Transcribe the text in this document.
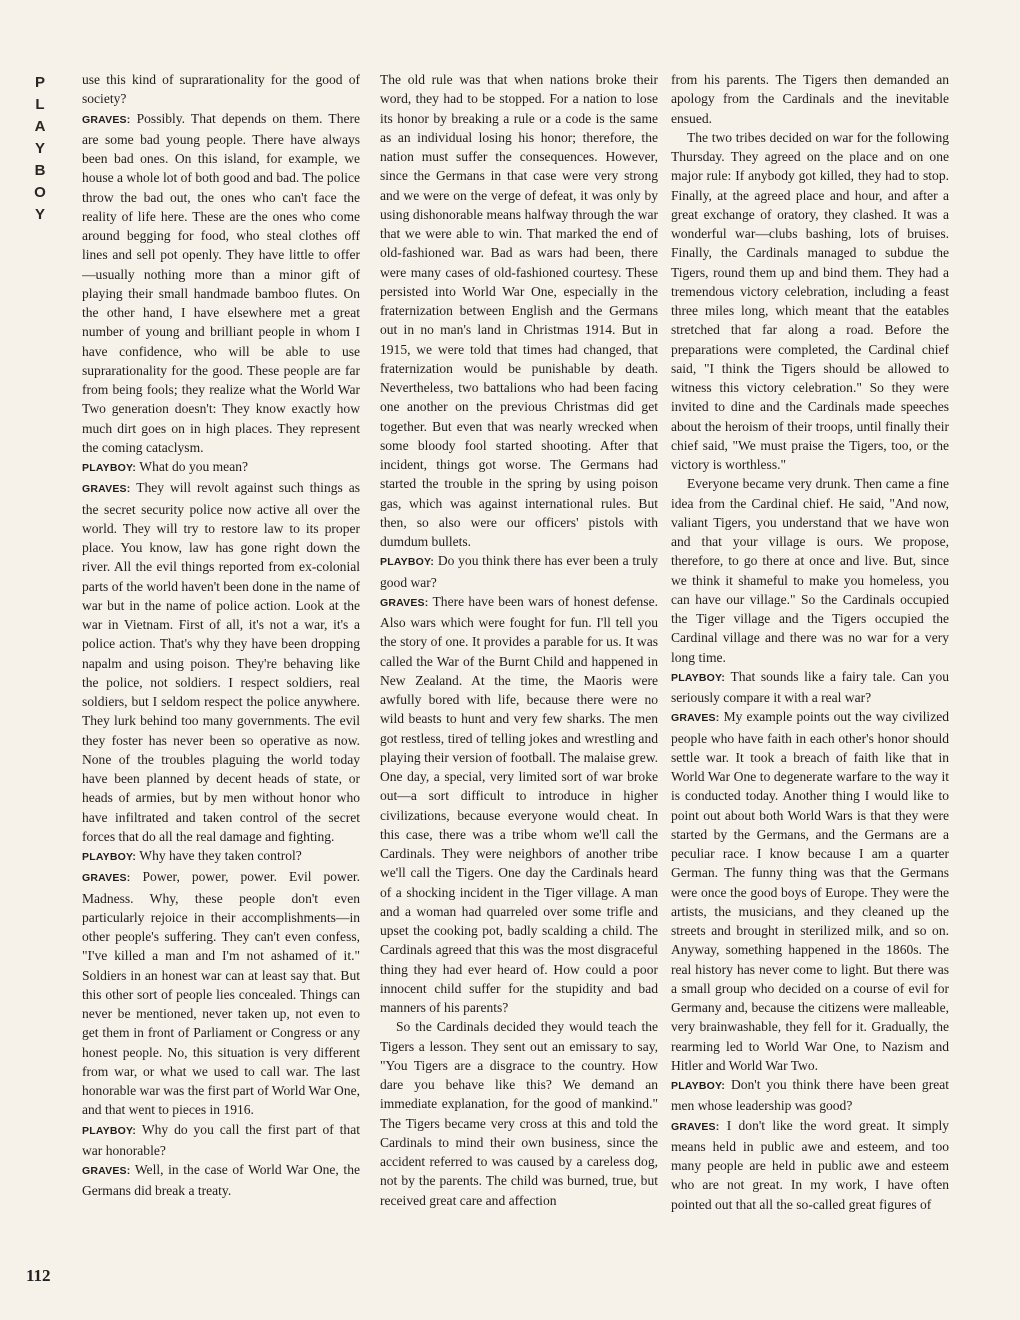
P
L
A
Y
B
O
Y

use this kind of suprarationality for the good of society?

GRAVES: Possibly. That depends on them. There are some bad young people. There have always been bad ones. On this island, for example, we house a whole lot of both good and bad. The police throw the bad out, the ones who can't face the reality of life here. These are the ones who come around begging for food, who steal clothes off lines and sell pot openly. They have little to offer —usually nothing more than a minor gift of playing their small handmade bamboo flutes. On the other hand, I have elsewhere met a great number of young and brilliant people in whom I have confidence, who will be able to use suprarationality for the good. These people are far from being fools; they realize what the World War Two generation doesn't: They know exactly how much dirt goes on in high places. They represent the coming cataclysm.

PLAYBOY: What do you mean?

GRAVES: They will revolt against such things as the secret security police now active all over the world. They will try to restore law to its proper place. You know, law has gone right down the river. All the evil things reported from ex-colonial parts of the world haven't been done in the name of war but in the name of police action. Look at the war in Vietnam. First of all, it's not a war, it's a police action. That's why they have been dropping napalm and using poison. They're behaving like the police, not soldiers. I respect soldiers, real soldiers, but I seldom respect the police anywhere. They lurk behind too many governments. The evil they foster has never been so operative as now. None of the troubles plaguing the world today have been planned by decent heads of state, or heads of armies, but by men without honor who have infiltrated and taken control of the secret forces that do all the real damage and fighting.

PLAYBOY: Why have they taken control?

GRAVES: Power, power, power. Evil power. Madness. Why, these people don't even particularly rejoice in their accomplishments—in other people's suffering. They can't even confess, "I've killed a man and I'm not ashamed of it." Soldiers in an honest war can at least say that. But this other sort of people lies concealed. Things can never be mentioned, never taken up, not even to get them in front of Parliament or Congress or any honest people. No, this situation is very different from war, or what we used to call war. The last honorable war was the first part of World War One, and that went to pieces in 1916.

PLAYBOY: Why do you call the first part of that war honorable?

GRAVES: Well, in the case of World War One, the Germans did break a treaty.

The old rule was that when nations broke their word, they had to be stopped. For a nation to lose its honor by breaking a rule or a code is the same as an individual losing his honor; therefore, the nation must suffer the consequences. However, since the Germans in that case were very strong and we were on the verge of defeat, it was only by using dishonorable means halfway through the war that we were able to win. That marked the end of old-fashioned war. Bad as wars had been, there were many cases of old-fashioned courtesy. These persisted into World War One, especially in the fraternization between English and the Germans out in no man's land in Christmas 1914. But in 1915, we were told that times had changed, that fraternization would be punishable by death. Nevertheless, two battalions who had been facing one another on the previous Christmas did get together. But even that was nearly wrecked when some bloody fool started shooting. After that incident, things got worse. The Germans had started the trouble in the spring by using poison gas, which was against international rules. But then, so also were our officers' pistols with dumdum bullets.

PLAYBOY: Do you think there has ever been a truly good war?

GRAVES: There have been wars of honest defense. Also wars which were fought for fun. I'll tell you the story of one. It provides a parable for us. It was called the War of the Burnt Child and happened in New Zealand. At the time, the Maoris were awfully bored with life, because there were no wild beasts to hunt and very few sharks. The men got restless, tired of telling jokes and wrestling and playing their version of football. The malaise grew. One day, a special, very limited sort of war broke out—a sort difficult to introduce in higher civilizations, because everyone would cheat. In this case, there was a tribe whom we'll call the Cardinals. They were neighbors of another tribe we'll call the Tigers. One day the Cardinals heard of a shocking incident in the Tiger village. A man and a woman had quarreled over some trifle and upset the cooking pot, badly scalding a child. The Cardinals agreed that this was the most disgraceful thing they had ever heard of. How could a poor innocent child suffer for the stupidity and bad manners of his parents?

So the Cardinals decided they would teach the Tigers a lesson. They sent out an emissary to say, "You Tigers are a disgrace to the country. How dare you behave like this? We demand an immediate explanation, for the good of mankind." The Tigers became very cross at this and told the Cardinals to mind their own business, since the accident referred to was caused by a careless dog, not by the parents. The child was burned, true, but received great care and affection

from his parents. The Tigers then demanded an apology from the Cardinals and the inevitable ensued.

The two tribes decided on war for the following Thursday. They agreed on the place and on one major rule: If anybody got killed, they had to stop. Finally, at the agreed place and hour, and after a great exchange of oratory, they clashed. It was a wonderful war—clubs bashing, lots of bruises. Finally, the Cardinals managed to subdue the Tigers, round them up and bind them. They had a tremendous victory celebration, including a feast three miles long, which meant that the eatables stretched that far along a road. Before the preparations were completed, the Cardinal chief said, "I think the Tigers should be allowed to witness this victory celebration." So they were invited to dine and the Cardinals made speeches about the heroism of their troops, until finally their chief said, "We must praise the Tigers, too, or the victory is worthless."

Everyone became very drunk. Then came a fine idea from the Cardinal chief. He said, "And now, valiant Tigers, you understand that we have won and that your village is ours. We propose, therefore, to go there at once and live. But, since we think it shameful to make you homeless, you can have our village." So the Cardinals occupied the Tiger village and the Tigers occupied the Cardinal village and there was no war for a very long time.

PLAYBOY: That sounds like a fairy tale. Can you seriously compare it with a real war?

GRAVES: My example points out the way civilized people who have faith in each other's honor should settle war. It took a breach of faith like that in World War One to degenerate warfare to the way it is conducted today. Another thing I would like to point out about both World Wars is that they were started by the Germans, and the Germans are a peculiar race. I know because I am a quarter German. The funny thing was that the Germans were once the good boys of Europe. They were the artists, the musicians, and they cleaned up the streets and brought in sterilized milk, and so on. Anyway, something happened in the 1860s. The real history has never come to light. But there was a small group who decided on a course of evil for Germany and, because the citizens were malleable, very brainwashable, they fell for it. Gradually, the rearming led to World War One, to Nazism and Hitler and World War Two.

PLAYBOY: Don't you think there have been great men whose leadership was good?

GRAVES: I don't like the word great. It simply means held in public awe and esteem, and too many people are held in public awe and esteem who are not great. In my work, I have often pointed out that all the so-called great figures of

112
